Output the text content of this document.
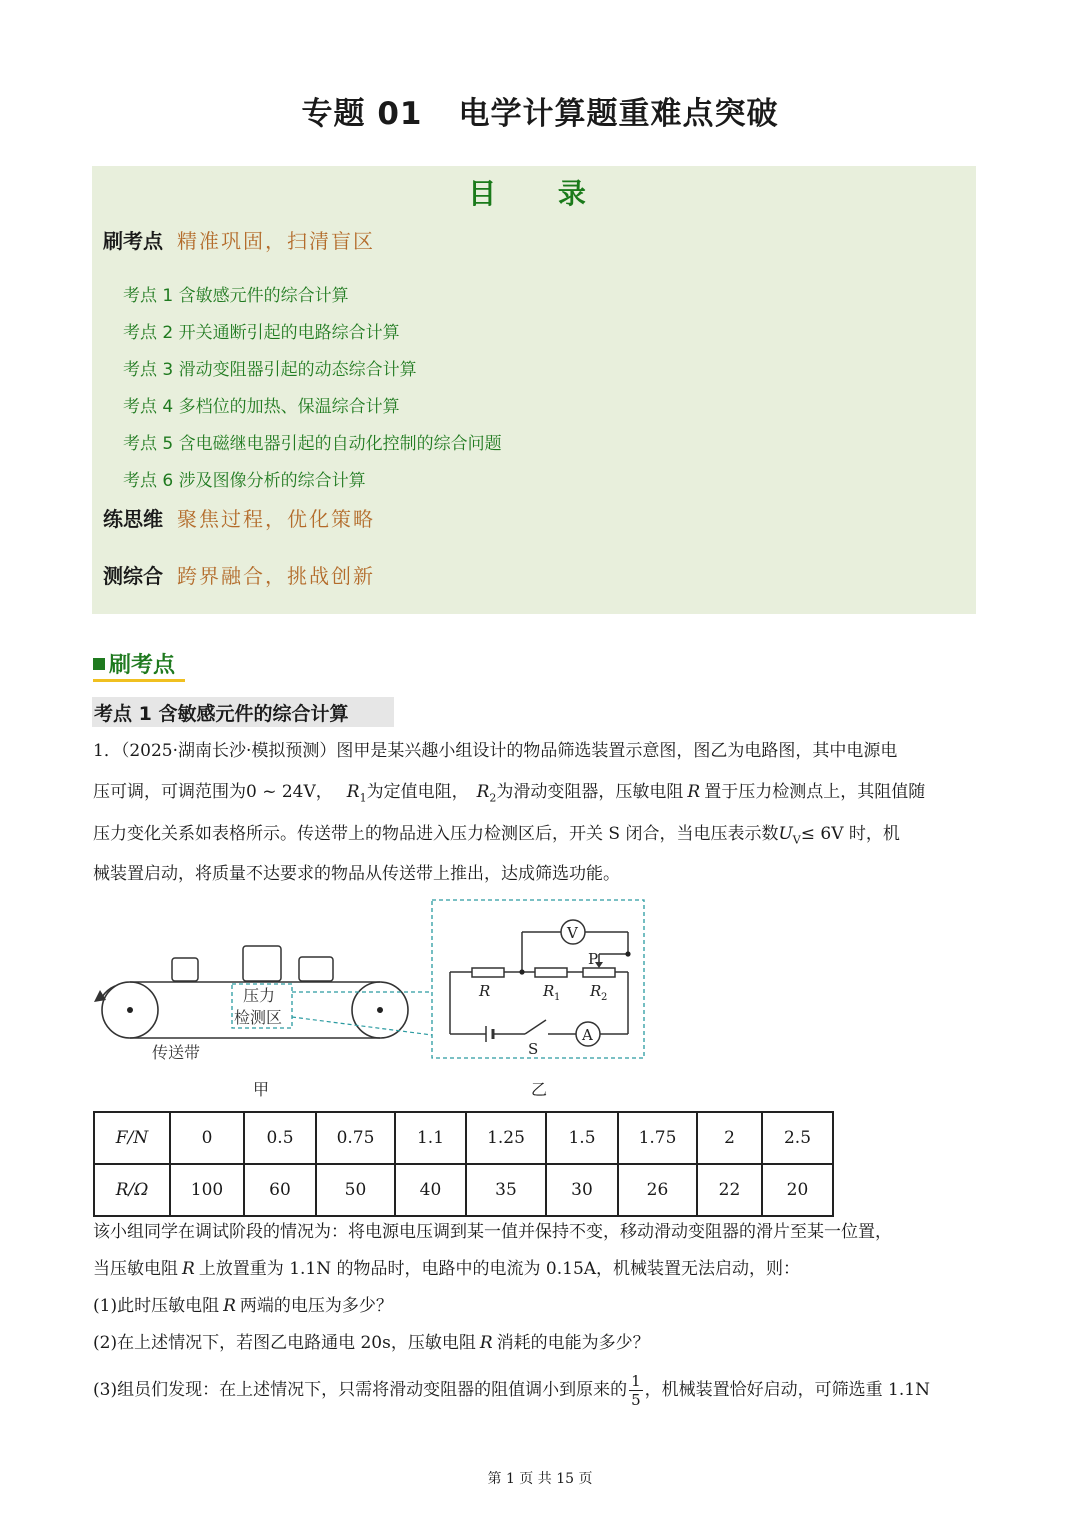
专题 01 电学计算题重难点突破
目 录
刷考点 精准巩固，扫清盲区
考点 1 含敏感元件的综合计算
考点 2 开关通断引起的电路综合计算
考点 3 滑动变阻器引起的动态综合计算
考点 4 多档位的加热、保温综合计算
考点 5 含电磁继电器引起的自动化控制的综合问题
考点 6 涉及图像分析的综合计算
练思维 聚焦过程，优化策略
测综合 跨界融合，挑战创新
刷考点
考点 1 含敏感元件的综合计算
1．（2025·湖南长沙·模拟预测）图甲是某兴趣小组设计的物品筛选装置示意图，图乙为电路图，其中电源电
压可调，可调范围为0 ~ 24V， $R_1$为定值电阻， $R_2$为滑动变阻器，压敏电阻 R 置于压力检测点上，其阻值随
压力变化关系如表格所示。传送带上的物品进入压力检测区后，开关 S 闭合，当电压表示数$U_V\le 6V$ 时，机
械装置启动，将质量不达要求的物品从传送带上推出，达成筛选功能。
压力
检测区
传送带
V
A
P
S
R	R 1 R 2
甲	乙
F/N	0	0.5	0.75	1.1	1.25	1.5	1.75	2	2.5
R/Ω	100	60	50	40	35	30	26	22	20
该小组同学在调试阶段的情况为：将电源电压调到某一值并保持不变，移动滑动变阻器的滑片至某一位置，
当压敏电阻 R 上放置重为 1.1N 的物品时，电路中的电流为 0.15A，机械装置无法启动，则：
(1)此时压敏电阻 R 两端的电压为多少？
(2)在上述情况下，若图乙电路通电 20s，压敏电阻 R 消耗的电能为多少？
(3)组员们发现：在上述情况下，只需将滑动变阻器的阻值调小到原来的 $\frac{1}{5}$ ，机械装置恰好启动，可筛选重 1.1N
第 1 页 共 15 页
